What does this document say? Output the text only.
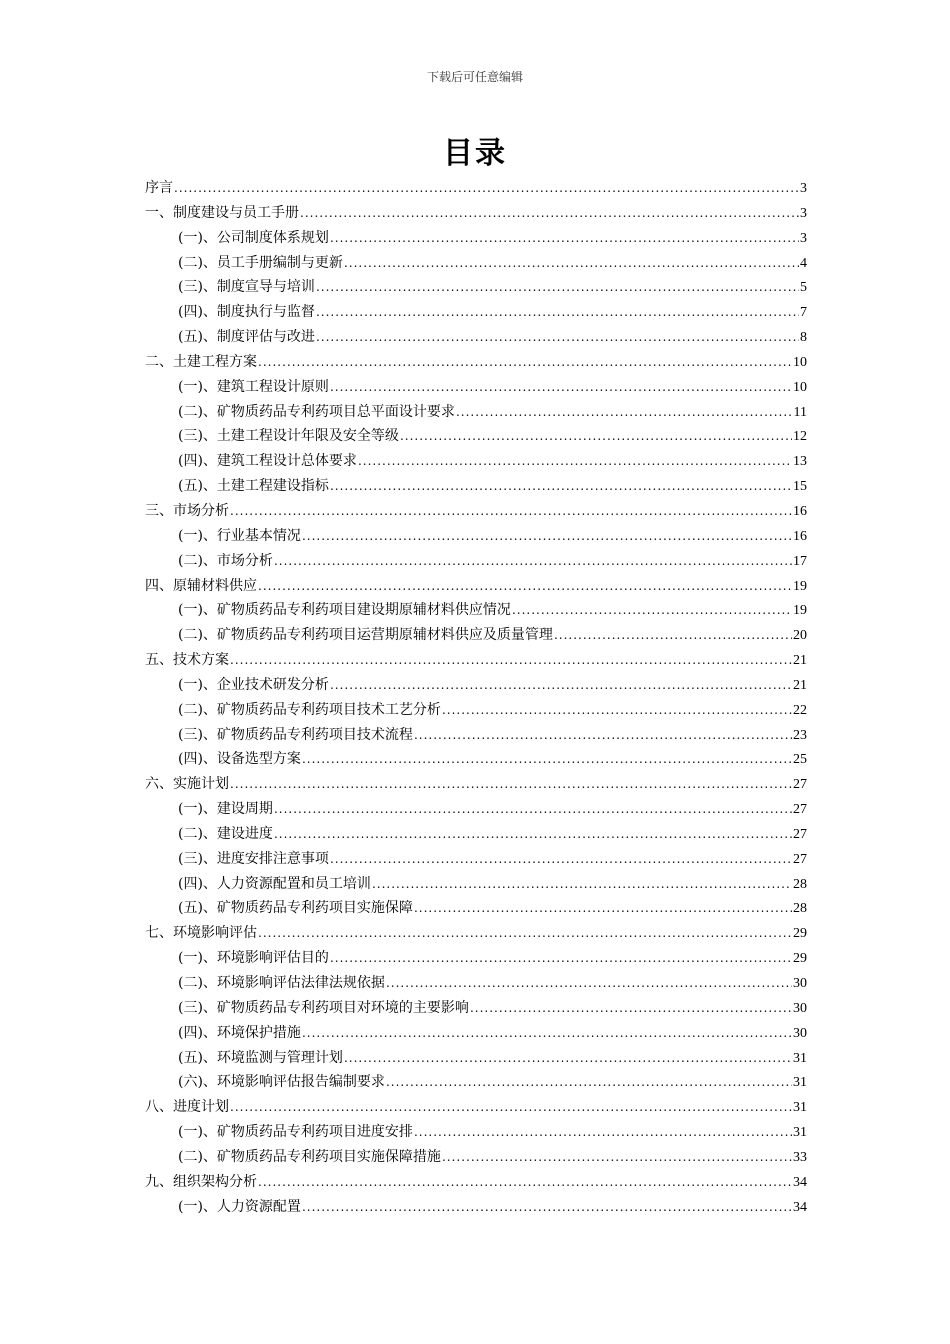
下载后可任意编辑
目录
序言 .....	3
一、制度建设与员工手册 .....	3
(一)、公司制度体系规划 .....	3
(二)、员工手册编制与更新 .....	4
(三)、制度宣导与培训 .....	5
(四)、制度执行与监督 .....	7
(五)、制度评估与改进 .....	8
二、土建工程方案 .....	10
(一)、建筑工程设计原则 .....	10
(二)、矿物质药品专利药项目总平面设计要求 .....	11
(三)、土建工程设计年限及安全等级 .....	12
(四)、建筑工程设计总体要求 .....	13
(五)、土建工程建设指标 .....	15
三、市场分析 .....	16
(一)、行业基本情况 .....	16
(二)、市场分析 .....	17
四、原辅材料供应 .....	19
(一)、矿物质药品专利药项目建设期原辅材料供应情况 .....	19
(二)、矿物质药品专利药项目运营期原辅材料供应及质量管理 .....	20
五、技术方案 .....	21
(一)、企业技术研发分析 .....	21
(二)、矿物质药品专利药项目技术工艺分析 .....	22
(三)、矿物质药品专利药项目技术流程 .....	23
(四)、设备选型方案 .....	25
六、实施计划 .....	27
(一)、建设周期 .....	27
(二)、建设进度 .....	27
(三)、进度安排注意事项 .....	27
(四)、人力资源配置和员工培训 .....	28
(五)、矿物质药品专利药项目实施保障 .....	28
七、环境影响评估 .....	29
(一)、环境影响评估目的 .....	29
(二)、环境影响评估法律法规依据 .....	30
(三)、矿物质药品专利药项目对环境的主要影响 .....	30
(四)、环境保护措施 .....	30
(五)、环境监测与管理计划 .....	31
(六)、环境影响评估报告编制要求 .....	31
八、进度计划 .....	31
(一)、矿物质药品专利药项目进度安排 .....	31
(二)、矿物质药品专利药项目实施保障措施 .....	33
九、组织架构分析 .....	34
(一)、人力资源配置 .....	34
